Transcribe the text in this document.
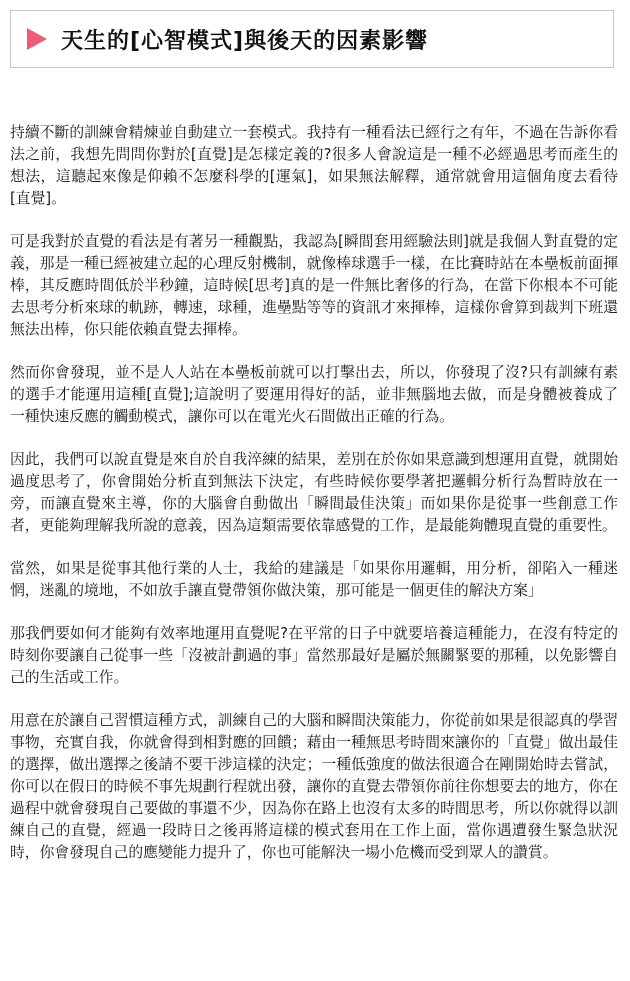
天生的[心智模式]與後天的因素影響

持續不斷的訓練會精煉並自動建立一套模式。我持有一種看法已經行之有年，不過在告訴你看法之前，我想先問問你對於[直覺]是怎樣定義的?很多人會說這是一種不必經過思考而產生的想法，這聽起來像是仰賴不怎麼科學的[運氣]，如果無法解釋，通常就會用這個角度去看待[直覺]。

可是我對於直覺的看法是有著另一種觀點，我認為[瞬間套用經驗法則]就是我個人對直覺的定義，那是一種已經被建立起的心理反射機制，就像棒球選手一樣，在比賽時站在本壘板前面揮棒，其反應時間低於半秒鐘，這時候[思考]真的是一件無比奢侈的行為，在當下你根本不可能去思考分析來球的軌跡，轉速，球種，進壘點等等的資訊才來揮棒，這樣你會算到裁判下班還無法出棒，你只能依賴直覺去揮棒。

然而你會發現，並不是人人站在本壘板前就可以打擊出去，所以，你發現了沒?只有訓練有素的選手才能運用這種[直覺];這說明了要運用得好的話，並非無腦地去做，而是身體被養成了一種快速反應的觸動模式，讓你可以在電光火石間做出正確的行為。

因此，我們可以說直覺是來自於自我淬練的結果，差別在於你如果意識到想運用直覺，就開始過度思考了，你會開始分析直到無法下決定，有些時候你要學著把邏輯分析行為暫時放在一旁，而讓直覺來主導，你的大腦會自動做出「瞬間最佳決策」而如果你是從事一些創意工作者，更能夠理解我所說的意義，因為這類需要依靠感覺的工作，是最能夠體現直覺的重要性。

當然，如果是從事其他行業的人士，我給的建議是「如果你用邏輯，用分析，卻陷入一種迷惘，迷亂的境地，不如放手讓直覺帶領你做決策，那可能是一個更佳的解決方案」

那我們要如何才能夠有效率地運用直覺呢?在平常的日子中就要培養這種能力，在沒有特定的時刻你要讓自己從事一些「沒被計劃過的事」當然那最好是屬於無關緊要的那種，以免影響自己的生活或工作。

用意在於讓自己習慣這種方式，訓練自己的大腦和瞬間決策能力，你從前如果是很認真的學習事物，充實自我，你就會得到相對應的回饋；藉由一種無思考時間來讓你的「直覺」做出最佳的選擇，做出選擇之後請不要干涉這樣的決定；一種低強度的做法很適合在剛開始時去嘗試，你可以在假日的時候不事先規劃行程就出發，讓你的直覺去帶領你前往你想要去的地方，你在過程中就會發現自己要做的事還不少，因為你在路上也沒有太多的時間思考，所以你就得以訓練自己的直覺，經過一段時日之後再將這樣的模式套用在工作上面，當你遇遭發生緊急狀況時，你會發現自己的應變能力提升了，你也可能解決一場小危機而受到眾人的讚賞。
